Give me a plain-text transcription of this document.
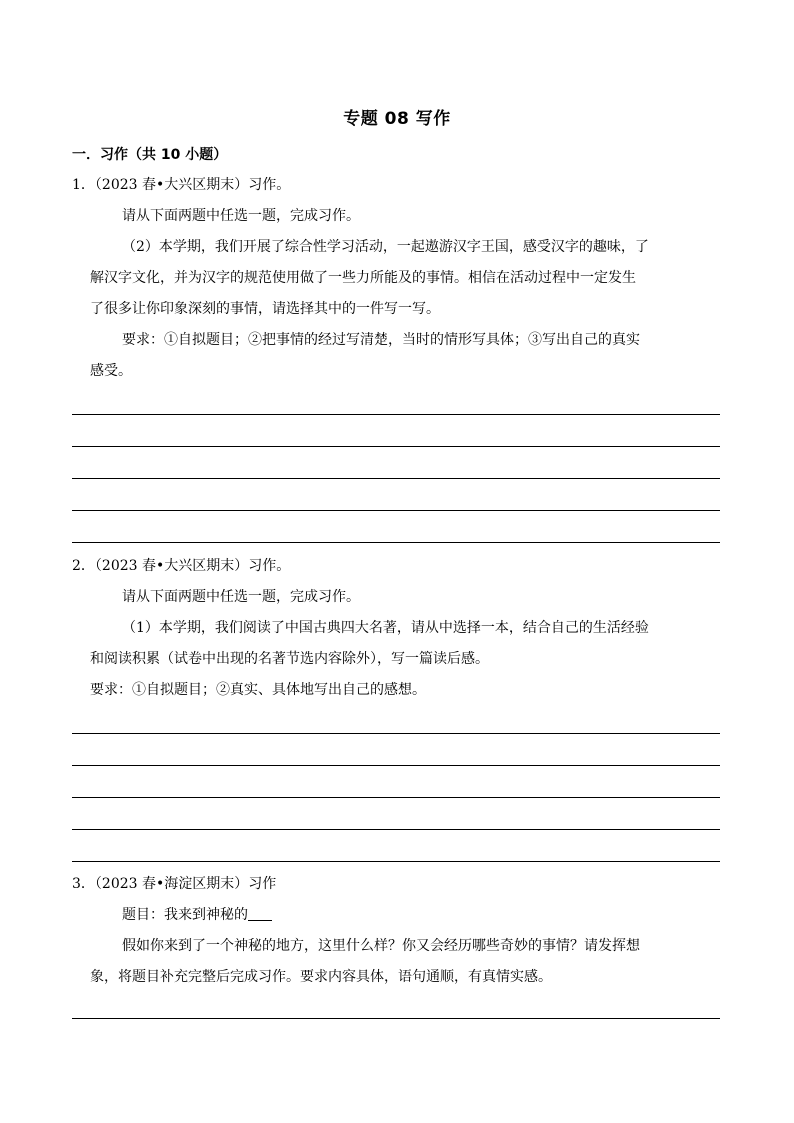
专题 08 写作
一．习作（共 10 小题）
1．（2023 春•大兴区期末）习作。
请从下面两题中任选一题，完成习作。
（2）本学期，我们开展了综合性学习活动，一起遨游汉字王国，感受汉字的趣味，了
解汉字文化，并为汉字的规范使用做了一些力所能及的事情。相信在活动过程中一定发生
了很多让你印象深刻的事情，请选择其中的一件写一写。
要求：①自拟题目；②把事情的经过写清楚，当时的情形写具体；③写出自己的真实
感受。
2．（2023 春•大兴区期末）习作。
请从下面两题中任选一题，完成习作。
（1）本学期，我们阅读了中国古典四大名著，请从中选择一本，结合自己的生活经验
和阅读积累（试卷中出现的名著节选内容除外），写一篇读后感。
要求：①自拟题目；②真实、具体地写出自己的感想。
3．（2023 春•海淀区期末）习作
题目：我来到神秘的
假如你来到了一个神秘的地方，这里什么样？你又会经历哪些奇妙的事情？请发挥想
象，将题目补充完整后完成习作。要求内容具体，语句通顺，有真情实感。
